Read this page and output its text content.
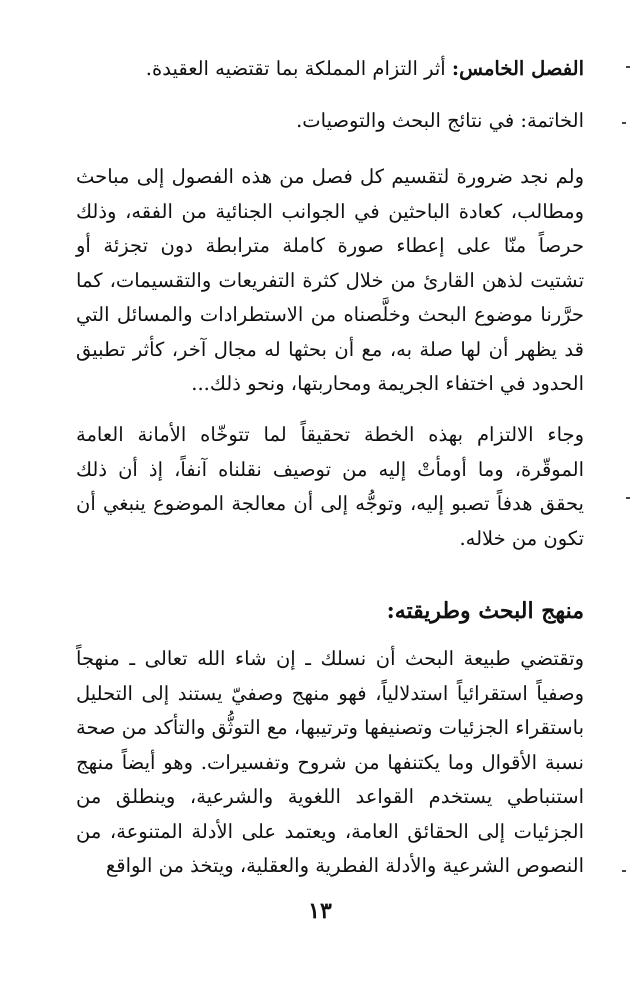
الفصل الخامس: أثر التزام المملكة بما تقتضيه العقيدة.

الخاتمة: في نتائج البحث والتوصيات.

ولم نجد ضرورة لتقسيم كل فصل من هذه الفصول إلى مباحث ومطالب، كعادة الباحثين في الجوانب الجنائية من الفقه، وذلك حرصاً منّا على إعطاء صورة كاملة مترابطة دون تجزئة أو تشتيت لذهن القارئ من خلال كثرة التفريعات والتقسيمات، كما حرَّرنا موضوع البحث وخلَّصناه من الاستطرادات والمسائل التي قد يظهر أن لها صلة به، مع أن بحثها له مجال آخر، كأثر تطبيق الحدود في اختفاء الجريمة ومحاربتها، ونحو ذلك...

وجاء الالتزام بهذه الخطة تحقيقاً لما تتوخّاه الأمانة العامة الموقّرة، وما أومأتْ إليه من توصيف نقلناه آنفاً، إذ أن ذلك يحقق هدفاً تصبو إليه، وتوجُّه إلى أن معالجة الموضوع ينبغي أن تكون من خلاله.

منهج البحث وطريقته:

وتقتضي طبيعة البحث أن نسلك ـ إن شاء الله تعالى ـ منهجاً وصفياً استقرائياً استدلالياً، فهو منهج وصفيّ يستند إلى التحليل باستقراء الجزئيات وتصنيفها وترتيبها، مع التوثُّق والتأكد من صحة نسبة الأقوال وما يكتنفها من شروح وتفسيرات. وهو أيضاً منهج استنباطي يستخدم القواعد اللغوية والشرعية، وينطلق من الجزئيات إلى الحقائق العامة، ويعتمد على الأدلة المتنوعة، من النصوص الشرعية والأدلة الفطرية والعقلية، ويتخذ من الواقع

١٣
